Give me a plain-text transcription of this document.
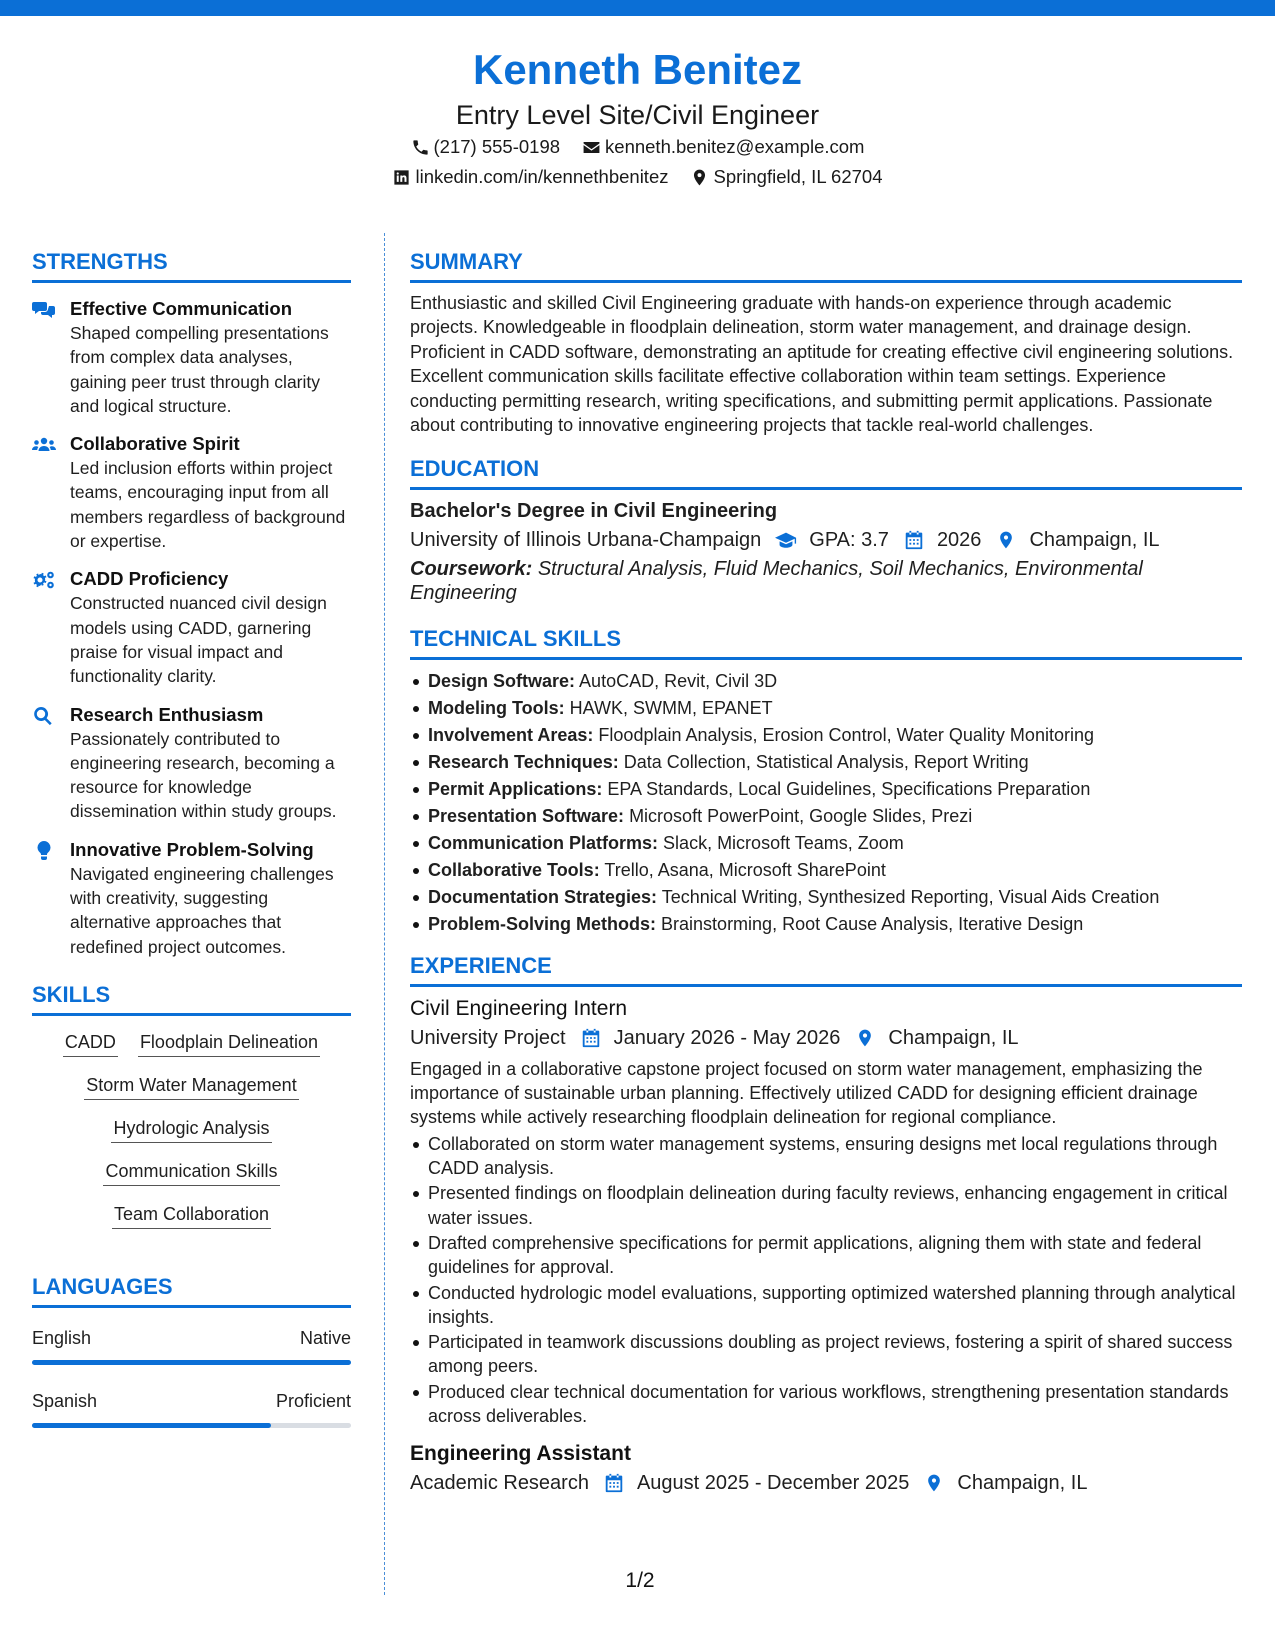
Kenneth Benitez
Entry Level Site/Civil Engineer
(217) 555-0198 kenneth.benitez@example.com
linkedin.com/in/kennethbenitez Springfield, IL 62704
STRENGTHS
Effective Communication
Shaped compelling presentations from complex data analyses, gaining peer trust through clarity and logical structure.
Collaborative Spirit
Led inclusion efforts within project teams, encouraging input from all members regardless of background or expertise.
CADD Proficiency
Constructed nuanced civil design models using CADD, garnering praise for visual impact and functionality clarity.
Research Enthusiasm
Passionately contributed to engineering research, becoming a resource for knowledge dissemination within study groups.
Innovative Problem-Solving
Navigated engineering challenges with creativity, suggesting alternative approaches that redefined project outcomes.
SKILLS
CADD Floodplain Delineation
Storm Water Management
Hydrologic Analysis
Communication Skills
Team Collaboration
LANGUAGES
English	Native
Spanish	Proficient
SUMMARY
Enthusiastic and skilled Civil Engineering graduate with hands-on experience through academic projects. Knowledgeable in floodplain delineation, storm water management, and drainage design. Proficient in CADD software, demonstrating an aptitude for creating effective civil engineering solutions. Excellent communication skills facilitate effective collaboration within team settings. Experience conducting permitting research, writing specifications, and submitting permit applications. Passionate about contributing to innovative engineering projects that tackle real-world challenges.
EDUCATION
Bachelor's Degree in Civil Engineering
University of Illinois Urbana-Champaign GPA: 3.7 2026 Champaign, IL
Coursework: Structural Analysis, Fluid Mechanics, Soil Mechanics, Environmental Engineering
TECHNICAL SKILLS
Design Software: AutoCAD, Revit, Civil 3D
Modeling Tools: HAWK, SWMM, EPANET
Involvement Areas: Floodplain Analysis, Erosion Control, Water Quality Monitoring
Research Techniques: Data Collection, Statistical Analysis, Report Writing
Permit Applications: EPA Standards, Local Guidelines, Specifications Preparation
Presentation Software: Microsoft PowerPoint, Google Slides, Prezi
Communication Platforms: Slack, Microsoft Teams, Zoom
Collaborative Tools: Trello, Asana, Microsoft SharePoint
Documentation Strategies: Technical Writing, Synthesized Reporting, Visual Aids Creation
Problem-Solving Methods: Brainstorming, Root Cause Analysis, Iterative Design
EXPERIENCE
Civil Engineering Intern
University Project January 2026 - May 2026 Champaign, IL
Engaged in a collaborative capstone project focused on storm water management, emphasizing the importance of sustainable urban planning. Effectively utilized CADD for designing efficient drainage systems while actively researching floodplain delineation for regional compliance.
Collaborated on storm water management systems, ensuring designs met local regulations through CADD analysis.
Presented findings on floodplain delineation during faculty reviews, enhancing engagement in critical water issues.
Drafted comprehensive specifications for permit applications, aligning them with state and federal guidelines for approval.
Conducted hydrologic model evaluations, supporting optimized watershed planning through analytical insights.
Participated in teamwork discussions doubling as project reviews, fostering a spirit of shared success among peers.
Produced clear technical documentation for various workflows, strengthening presentation standards across deliverables.
Engineering Assistant
Academic Research August 2025 - December 2025 Champaign, IL
1/2
